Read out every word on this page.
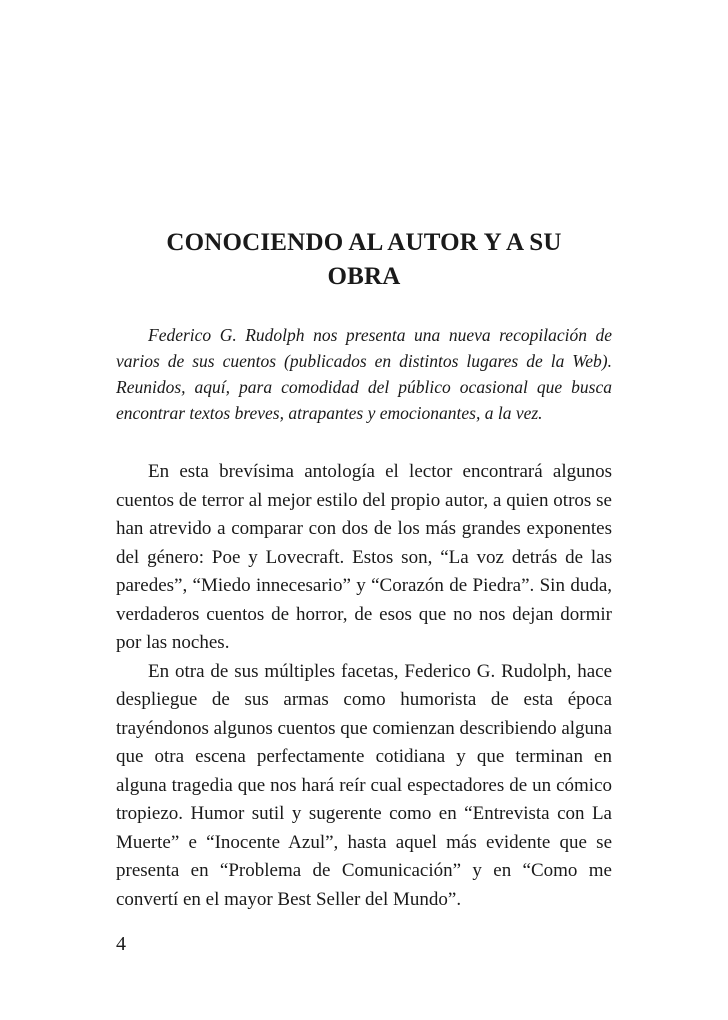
CONOCIENDO AL AUTOR Y A SU
OBRA

Federico G. Rudolph nos presenta una nueva recopilación de varios de sus cuentos (publicados en distintos lugares de la Web). Reunidos, aquí, para comodidad del público ocasional que busca encontrar textos breves, atrapantes y emocionantes, a la vez.

En esta brevísima antología el lector encontrará algunos cuentos de terror al mejor estilo del propio autor, a quien otros se han atrevido a comparar con dos de los más grandes exponentes del género: Poe y Lovecraft. Estos son, “La voz detrás de las paredes”, “Miedo innecesario” y “Corazón de Piedra”. Sin duda, verdaderos cuentos de horror, de esos que no nos dejan dormir por las noches.

En otra de sus múltiples facetas, Federico G. Rudolph, hace despliegue de sus armas como humorista de esta época trayéndonos algunos cuentos que comienzan describiendo alguna que otra escena perfectamente cotidiana y que terminan en alguna tragedia que nos hará reír cual espectadores de un cómico tropiezo. Humor sutil y sugerente como en “Entrevista con La Muerte” e “Inocente Azul”, hasta aquel más evidente que se presenta en “Problema de Comunicación” y en “Como me convertí en el mayor Best Seller del Mundo”.

4
